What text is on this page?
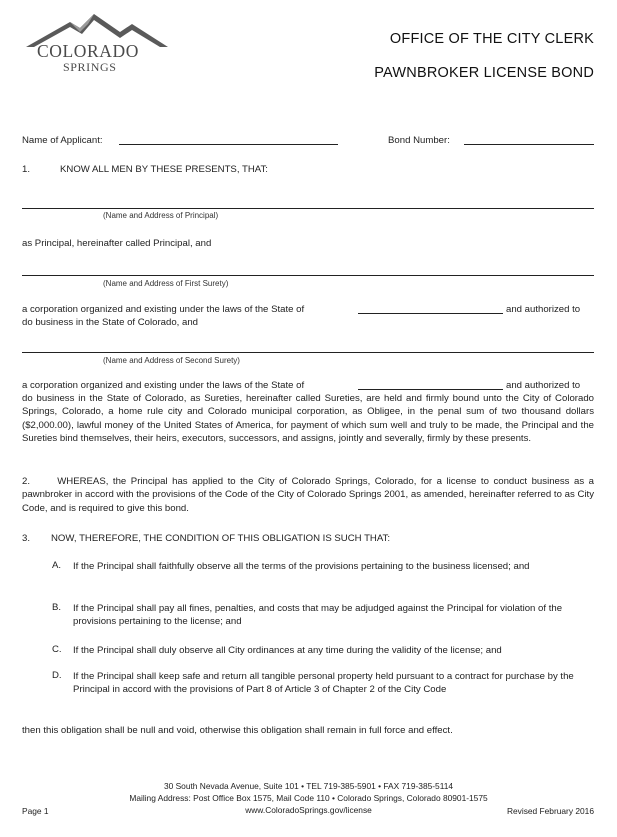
COLORADO
SPRINGS
OFFICE OF THE CITY CLERK
PAWNBROKER LICENSE BOND
Name of Applicant:	Bond Number:
1.	KNOW ALL MEN BY THESE PRESENTS, THAT:
(Name and Address of Principal)
as Principal, hereinafter called Principal, and
(Name and Address of First Surety)
a corporation organized and existing under the laws of the State of	and authorized to
do business in the State of Colorado, and
(Name and Address of Second Surety)
a corporation organized and existing under the laws of the State of	and authorized to
do business in the State of Colorado, as Sureties, hereinafter called Sureties, are held and firmly bound unto the City of Colorado Springs, Colorado, a home rule city and Colorado municipal corporation, as Obligee, in the penal sum of two thousand dollars ($2,000.00), lawful money of the United States of America, for payment of which sum well and truly to be made, the Principal and the Sureties bind themselves, their heirs, executors, successors, and assigns, jointly and severally, firmly by these presents.
2.      WHEREAS, the Principal has applied to the City of Colorado Springs, Colorado, for a license to conduct business as a pawnbroker in accord with the provisions of the Code of the City of Colorado Springs 2001, as amended, hereinafter referred to as City Code, and is required to give this bond.
3. NOW, THEREFORE, THE CONDITION OF THIS OBLIGATION IS SUCH THAT:
A. If the Principal shall faithfully observe all the terms of the provisions pertaining to the business licensed; and
B. If the Principal shall pay all fines, penalties, and costs that may be adjudged against the Principal for violation of the provisions pertaining to the license; and
C. If the Principal shall duly observe all City ordinances at any time during the validity of the license; and
D. If the Principal shall keep safe and return all tangible personal property held pursuant to a contract for purchase by the Principal in accord with the provisions of Part 8 of Article 3 of Chapter 2 of the City Code
then this obligation shall be null and void, otherwise this obligation shall remain in full force and effect.
30 South Nevada Avenue, Suite 101 • TEL 719-385-5901 • FAX 719-385-5114
Mailing Address: Post Office Box 1575, Mail Code 110 • Colorado Springs, Colorado 80901-1575
www.ColoradoSprings.gov/license
Page 1	Revised February 2016
